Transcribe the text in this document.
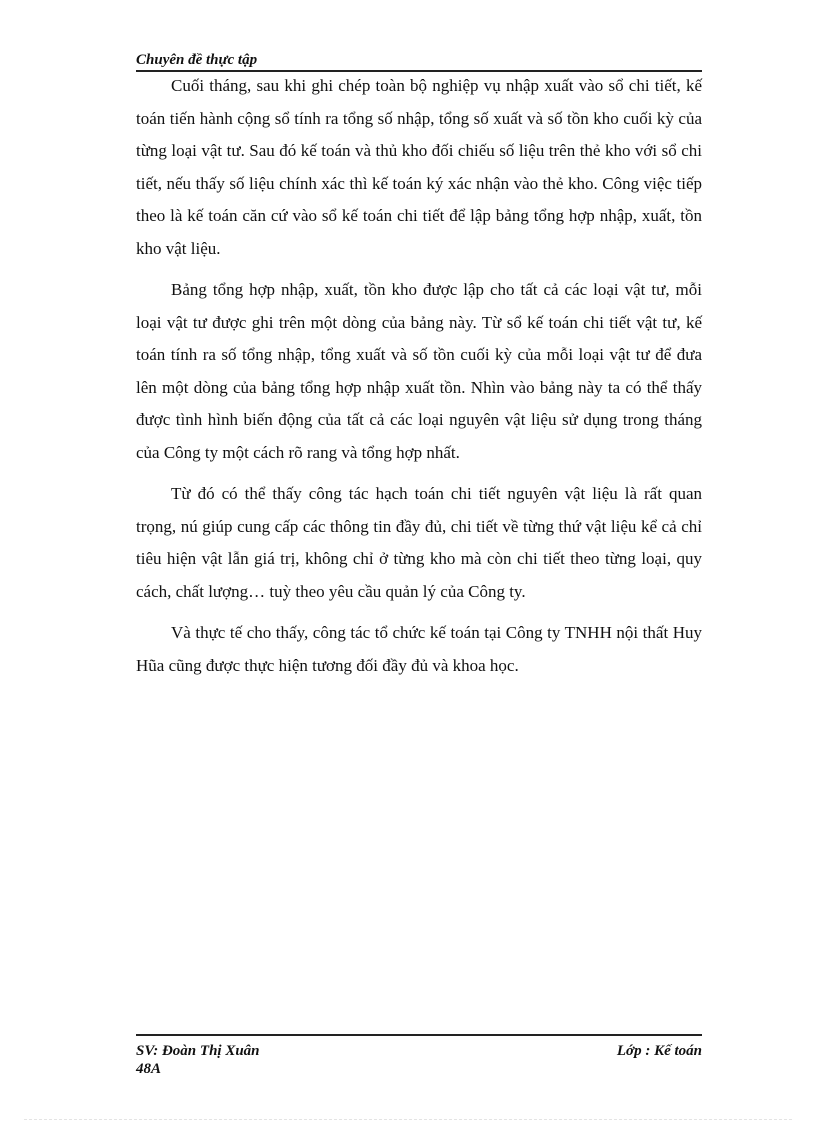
Chuyên đề thực tập

Cuối tháng, sau khi ghi chép toàn bộ nghiệp vụ nhập xuất vào sổ chi tiết, kế toán tiến hành cộng sổ tính ra tổng số nhập, tổng số xuất và số tồn kho cuối kỳ của từng loại vật tư. Sau đó kế toán và thủ kho đối chiếu số liệu trên thẻ kho với sổ chi tiết, nếu thấy số liệu chính xác thì kế toán ký xác nhận vào thẻ kho. Công việc tiếp theo là kế toán căn cứ vào sổ kế toán chi tiết để lập bảng tổng hợp nhập, xuất, tồn kho vật liệu.

Bảng tổng hợp nhập, xuất, tồn kho được lập cho tất cả các loại vật tư, mỗi loại vật tư được ghi trên một dòng của bảng này. Từ sổ kế toán chi tiết vật tư, kế toán tính ra số tổng nhập, tổng xuất và số tồn cuối kỳ của mỗi loại vật tư để đưa lên một dòng của bảng tổng hợp nhập xuất tồn. Nhìn vào bảng này ta có thể thấy được tình hình biến động của tất cả các loại nguyên vật liệu sử dụng trong tháng của Công ty một cách rõ rang và tổng hợp nhất.

Từ đó có thể thấy công tác hạch toán chi tiết nguyên vật liệu là rất quan trọng, nú giúp cung cấp các thông tin đầy đủ, chi tiết về từng thứ vật liệu kể cả chỉ tiêu hiện vật lẫn giá trị, không chỉ ở từng kho mà còn chi tiết theo từng loại, quy cách, chất lượng… tuỳ theo yêu cầu quản lý của Công ty.

Và thực tế cho thấy, công tác tổ chức kế toán tại Công ty TNHH nội thất Huy Hũa cũng được thực hiện tương đối đầy đủ và khoa học.

SV: Đoàn Thị Xuân
48A
Lớp : Kế toán
